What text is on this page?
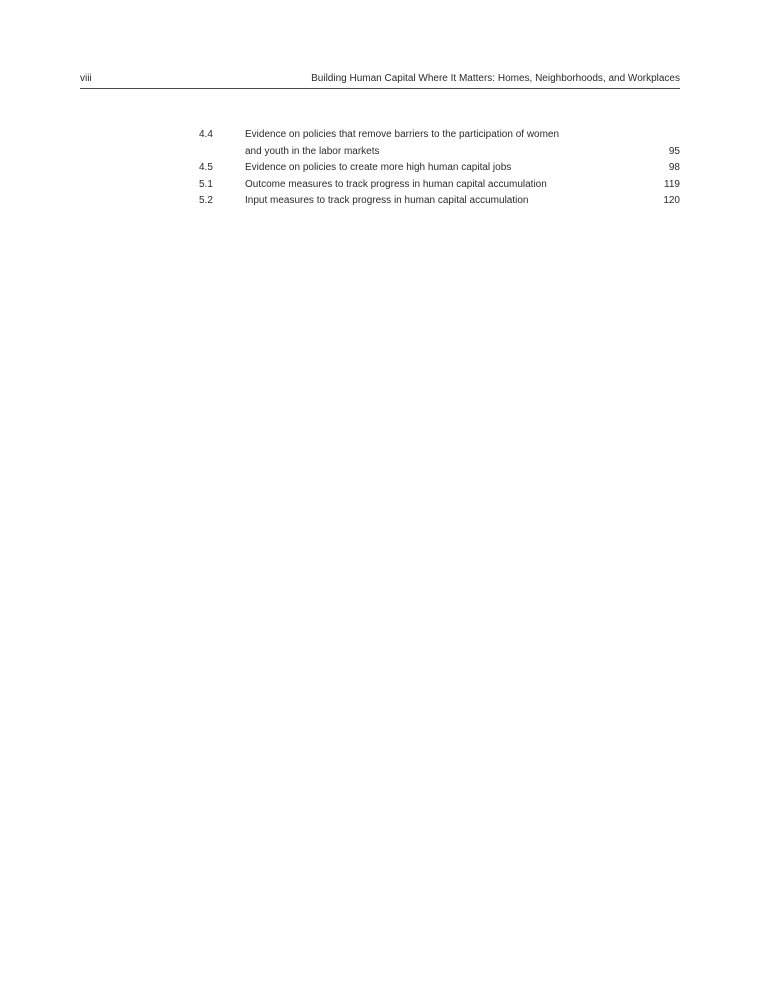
viii	Building Human Capital Where It Matters: Homes, Neighborhoods, and Workplaces
4.4	Evidence on policies that remove barriers to the participation of women
and youth in the labor markets	95
4.5	Evidence on policies to create more high human capital jobs	98
5.1	Outcome measures to track progress in human capital accumulation	119
5.2	Input measures to track progress in human capital accumulation	120
